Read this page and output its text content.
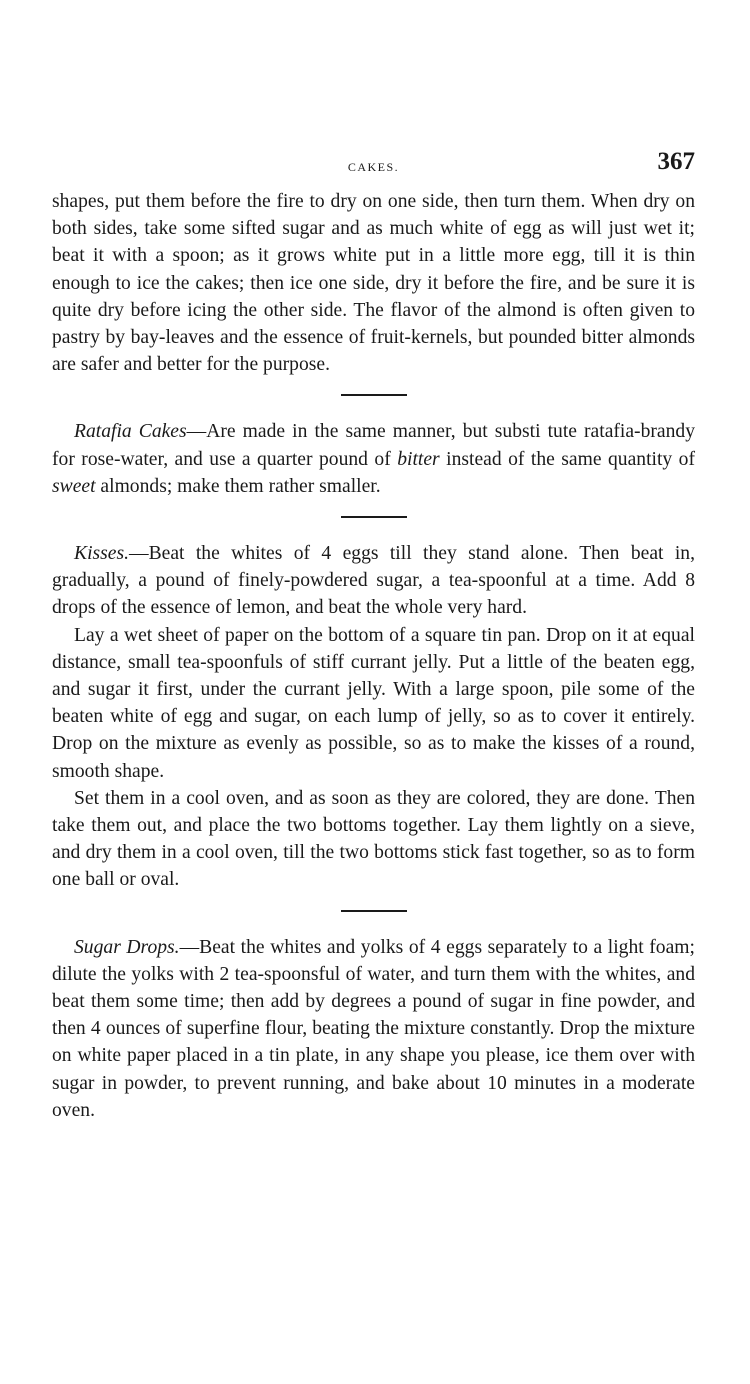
CAKES.	367

shapes, put them before the fire to dry on one side, then turn them. When dry on both sides, take some sifted sugar and as much white of egg as will just wet it; beat it with a spoon; as it grows white put in a little more egg, till it is thin enough to ice the cakes; then ice one side, dry it before the fire, and be sure it is quite dry before icing the other side. The flavor of the almond is often given to pastry by bay-leaves and the essence of fruit-kernels, but pounded bitter almonds are safer and better for the purpose.

Ratafia Cakes—Are made in the same manner, but substi tute ratafia-brandy for rose-water, and use a quarter pound of bitter instead of the same quantity of sweet almonds; make them rather smaller.

Kisses.—Beat the whites of 4 eggs till they stand alone. Then beat in, gradually, a pound of finely-powdered sugar, a tea-spoonful at a time. Add 8 drops of the essence of lemon, and beat the whole very hard.

Lay a wet sheet of paper on the bottom of a square tin pan. Drop on it at equal distance, small tea-spoonfuls of stiff currant jelly. Put a little of the beaten egg, and sugar it first, under the currant jelly. With a large spoon, pile some of the beaten white of egg and sugar, on each lump of jelly, so as to cover it entirely. Drop on the mixture as evenly as possible, so as to make the kisses of a round, smooth shape.

Set them in a cool oven, and as soon as they are colored, they are done. Then take them out, and place the two bottoms together. Lay them lightly on a sieve, and dry them in a cool oven, till the two bottoms stick fast together, so as to form one ball or oval.

Sugar Drops.—Beat the whites and yolks of 4 eggs separately to a light foam; dilute the yolks with 2 tea-spoonsful of water, and turn them with the whites, and beat them some time; then add by degrees a pound of sugar in fine powder, and then 4 ounces of superfine flour, beating the mixture constantly. Drop the mixture on white paper placed in a tin plate, in any shape you please, ice them over with sugar in powder, to prevent running, and bake about 10 minutes in a moderate oven.
